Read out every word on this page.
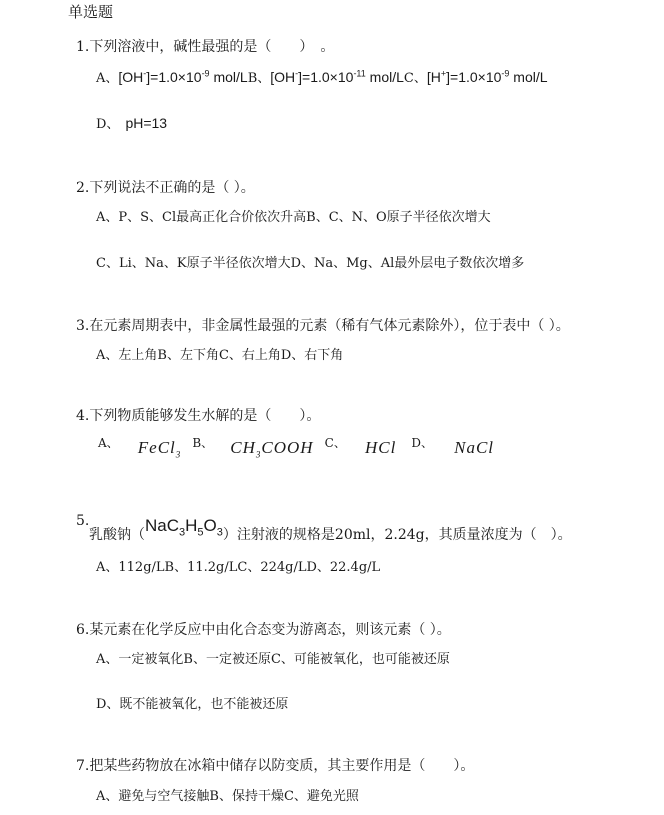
单选题
1.下列溶液中，碱性最强的是（　　）　。
A、$[OH^-]=1.0\times 10^{-9}$ mol/LB、$[OH^-]=1.0\times 10^{-11}$ mol/LC、$[H^+]=1.0\times 10^{-9}$ mol/L
D、 pH=13
2.下列说法不正确的是（ ）。
A、P、S、Cl最高正化合价依次升高B、C、N、O原子半径依次增大
C、Li、Na、K原子半径依次增大D、Na、Mg、Al最外层电子数依次增多
3.在元素周期表中，非金属性最强的元素（稀有气体元素除外），位于表中（ ）。
A、左上角B、左下角C、右上角D、右下角
4.下列物质能够发生水解的是（　　）。
$^{A、}$ FeCl$_3$ $^{B、}$ $CH_3COOH$ $^{C、}$ HCl $^{D、}$ NaCl
5.
乳酸钠$(NaC_3H_5O_3)$注射液的规格是20ml，2.24g，其质量浓度为（　）。
A、112g/LB、11.2g/LC、224g/LD、22.4g/L
6.某元素在化学反应中由化合态变为游离态，则该元素（ ）。
A、一定被氧化B、一定被还原C、可能被氧化，也可能被还原
D、既不能被氧化，也不能被还原
7.把某些药物放在冰箱中储存以防变质，其主要作用是（　　）。
A、避免与空气接触B、保持干燥C、避免光照
